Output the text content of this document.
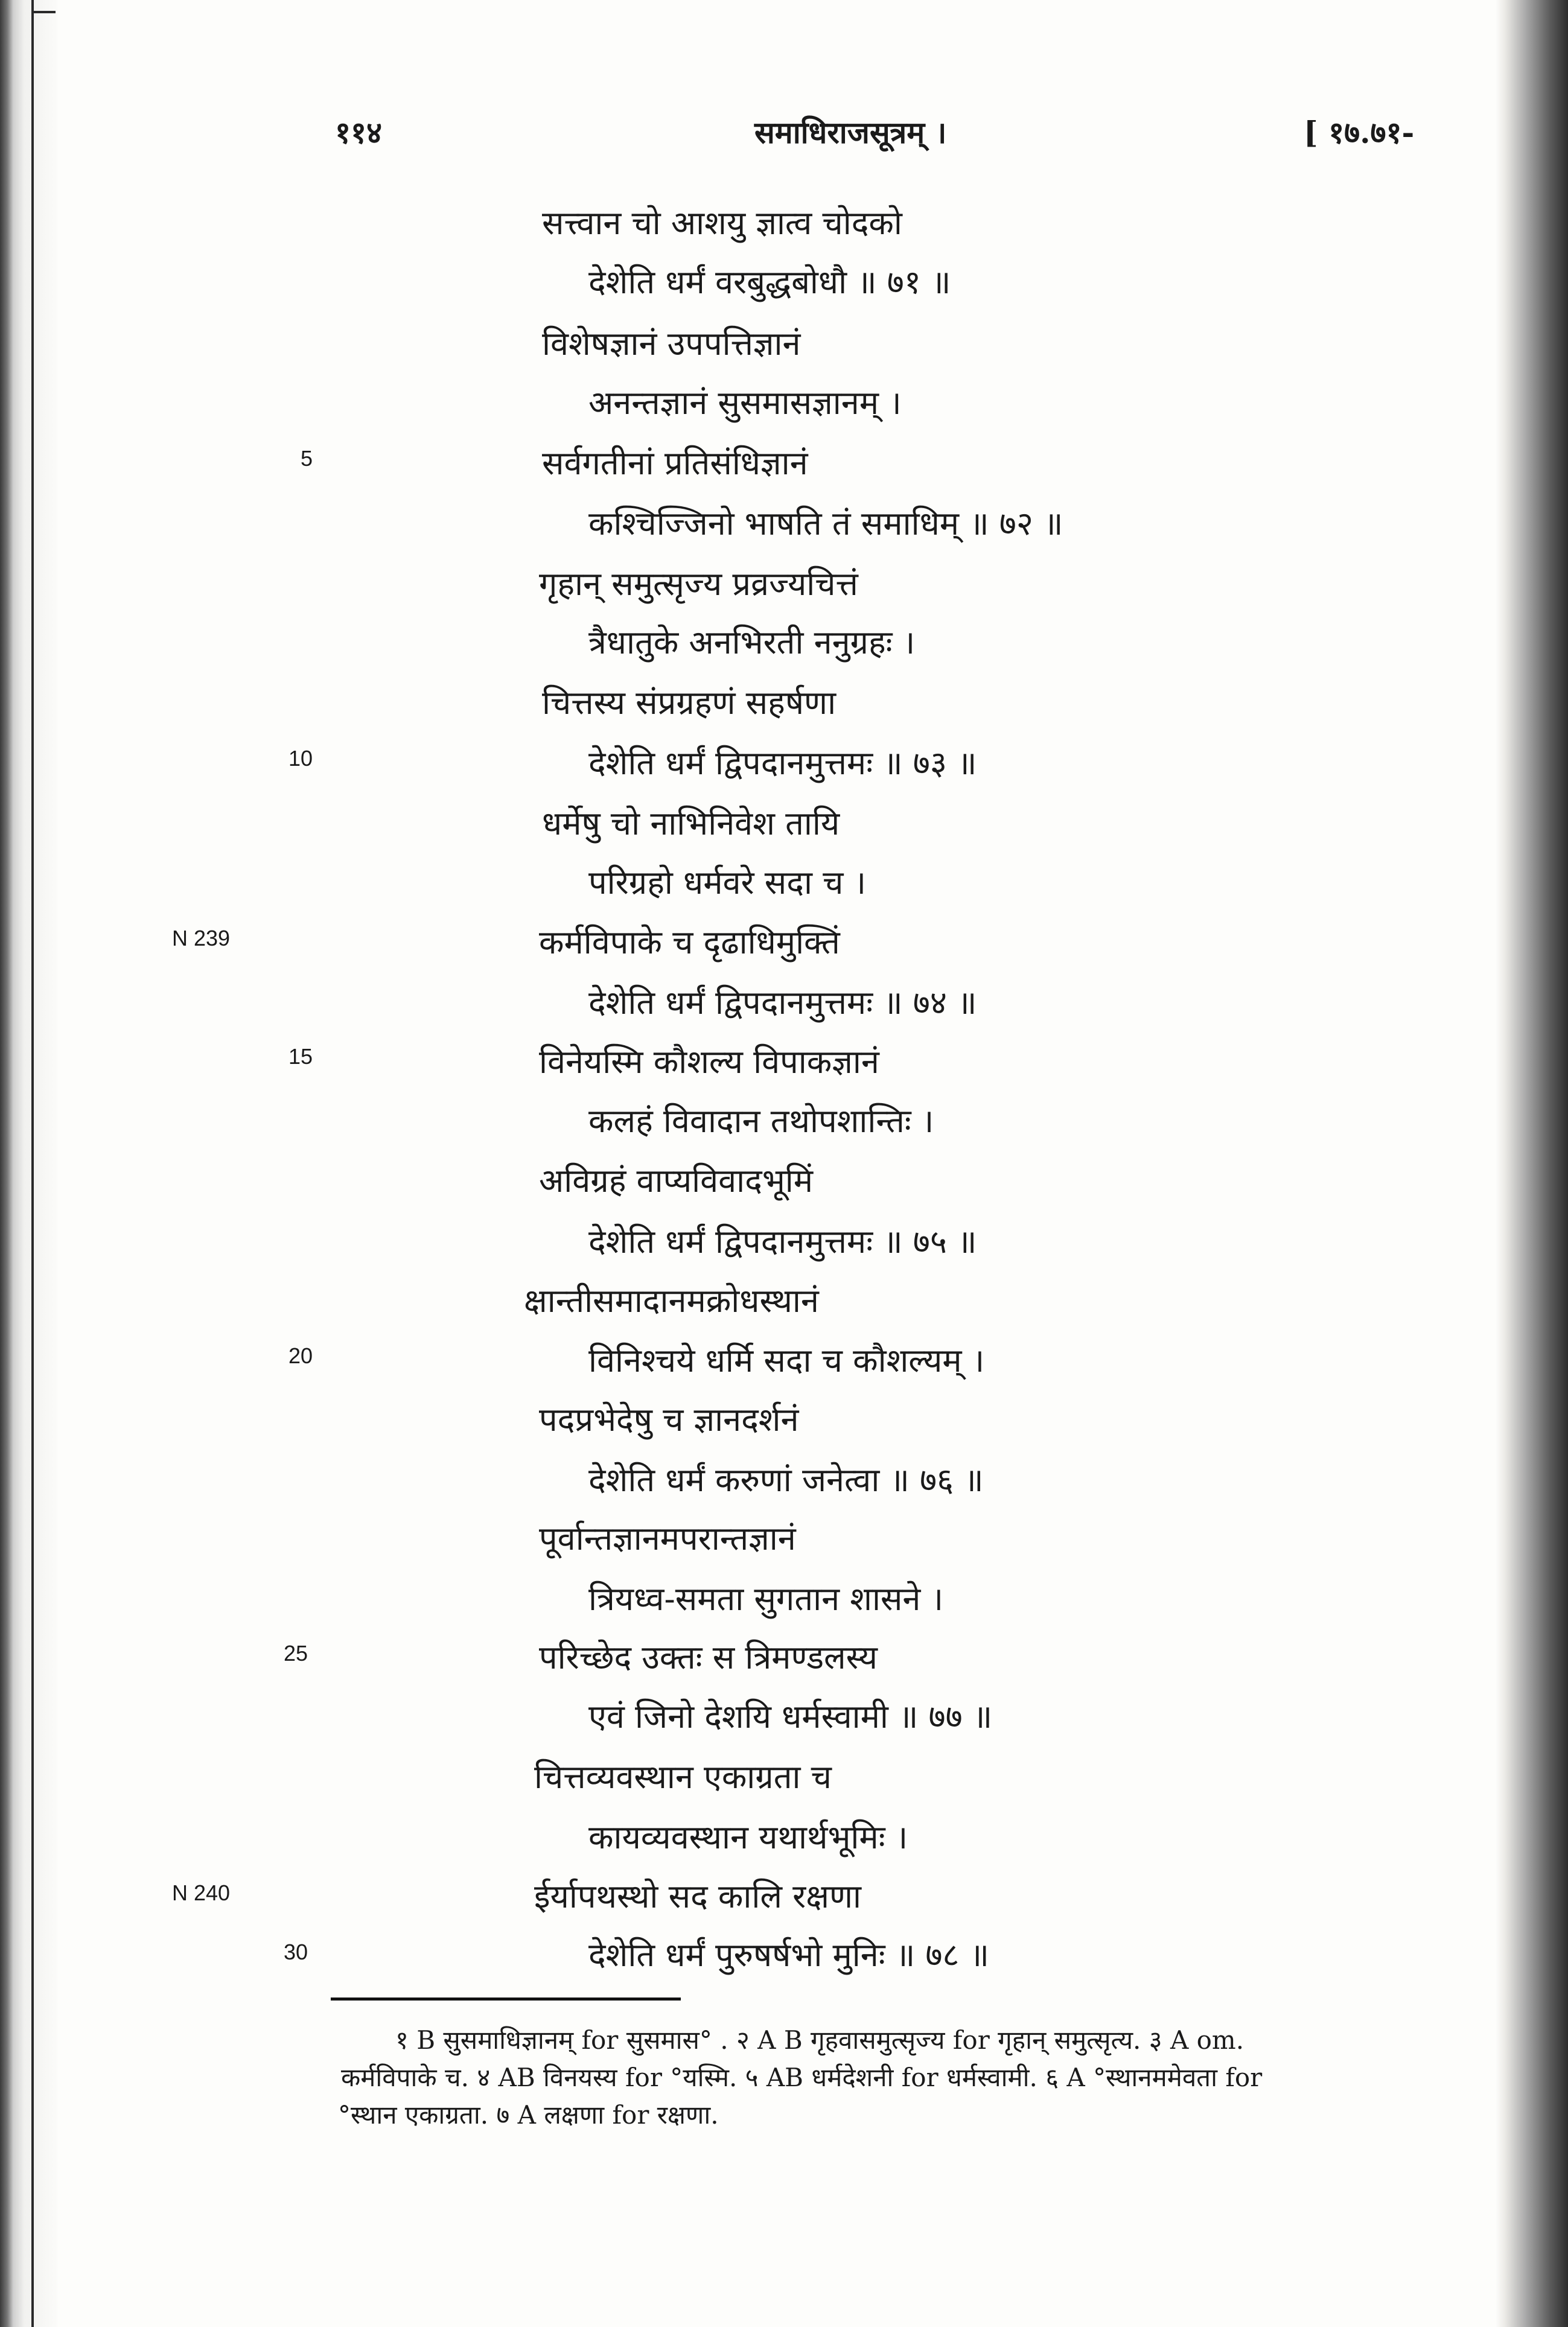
११४	समाधिराजसूत्रम् ।	[ १७.७१-
सत्त्वान चो आशयु ज्ञात्व चोदको
देशेति धर्मं वरबुद्धबोधौ ॥ ७१ ॥
विशेषज्ञानं उपपत्तिज्ञानं
अनन्तज्ञानं सुसमासज्ञानम् ।
सर्वगतीनां प्रतिसंधिज्ञानं
कश्चिज्जिनो भाषति तं समाधिम् ॥ ७२ ॥
गृहान् समुत्सृज्य प्रव्रज्यचित्तं
त्रैधातुके अनभिरती ननुग्रहः ।
चित्तस्य संप्रग्रहणं सहर्षणा
देशेति धर्मं द्विपदानमुत्तमः ॥ ७३ ॥
धर्मेषु चो नाभिनिवेश तायि
परिग्रहो धर्मवरे सदा च ।
कर्मविपाके च दृढाधिमुक्तिं
देशेति धर्मं द्विपदानमुत्तमः ॥ ७४ ॥
विनेयस्मि कौशल्य विपाकज्ञानं
कलहं विवादान तथोपशान्तिः ।
अविग्रहं वाप्यविवादभूमिं
देशेति धर्मं द्विपदानमुत्तमः ॥ ७५ ॥
क्षान्तीसमादानमक्रोधस्थानं
विनिश्चये धर्मि सदा च कौशल्यम् ।
पदप्रभेदेषु च ज्ञानदर्शनं
देशेति धर्मं करुणां जनेत्वा ॥ ७६ ॥
पूर्वान्तज्ञानमपरान्तज्ञानं
त्रियध्व-समता सुगतान शासने ।
परिच्छेद उक्तः स त्रिमण्डलस्य
एवं जिनो देशयि धर्मस्वामी ॥ ७७ ॥
चित्तव्यवस्थान एकाग्रता च
कायव्यवस्थान यथार्थभूमिः ।
ईर्यापथस्थो सद कालि रक्षणा
देशेति धर्मं पुरुषर्षभो मुनिः ॥ ७८ ॥
5
10
15
20
25
30
N 239
N 240
१ B सुसमाधिज्ञानम् for सुसमास° . २ A B गृहवासमुत्सृज्य for गृहान् समुत्सृत्य. ३ A om.
कर्मविपाके च. ४ AB विनयस्य for °यस्मि. ५ AB धर्मदेशनी for धर्मस्वामी. ६ A °स्थानममेवता for
°स्थान एकाग्रता. ७ A लक्षणा for रक्षणा.
